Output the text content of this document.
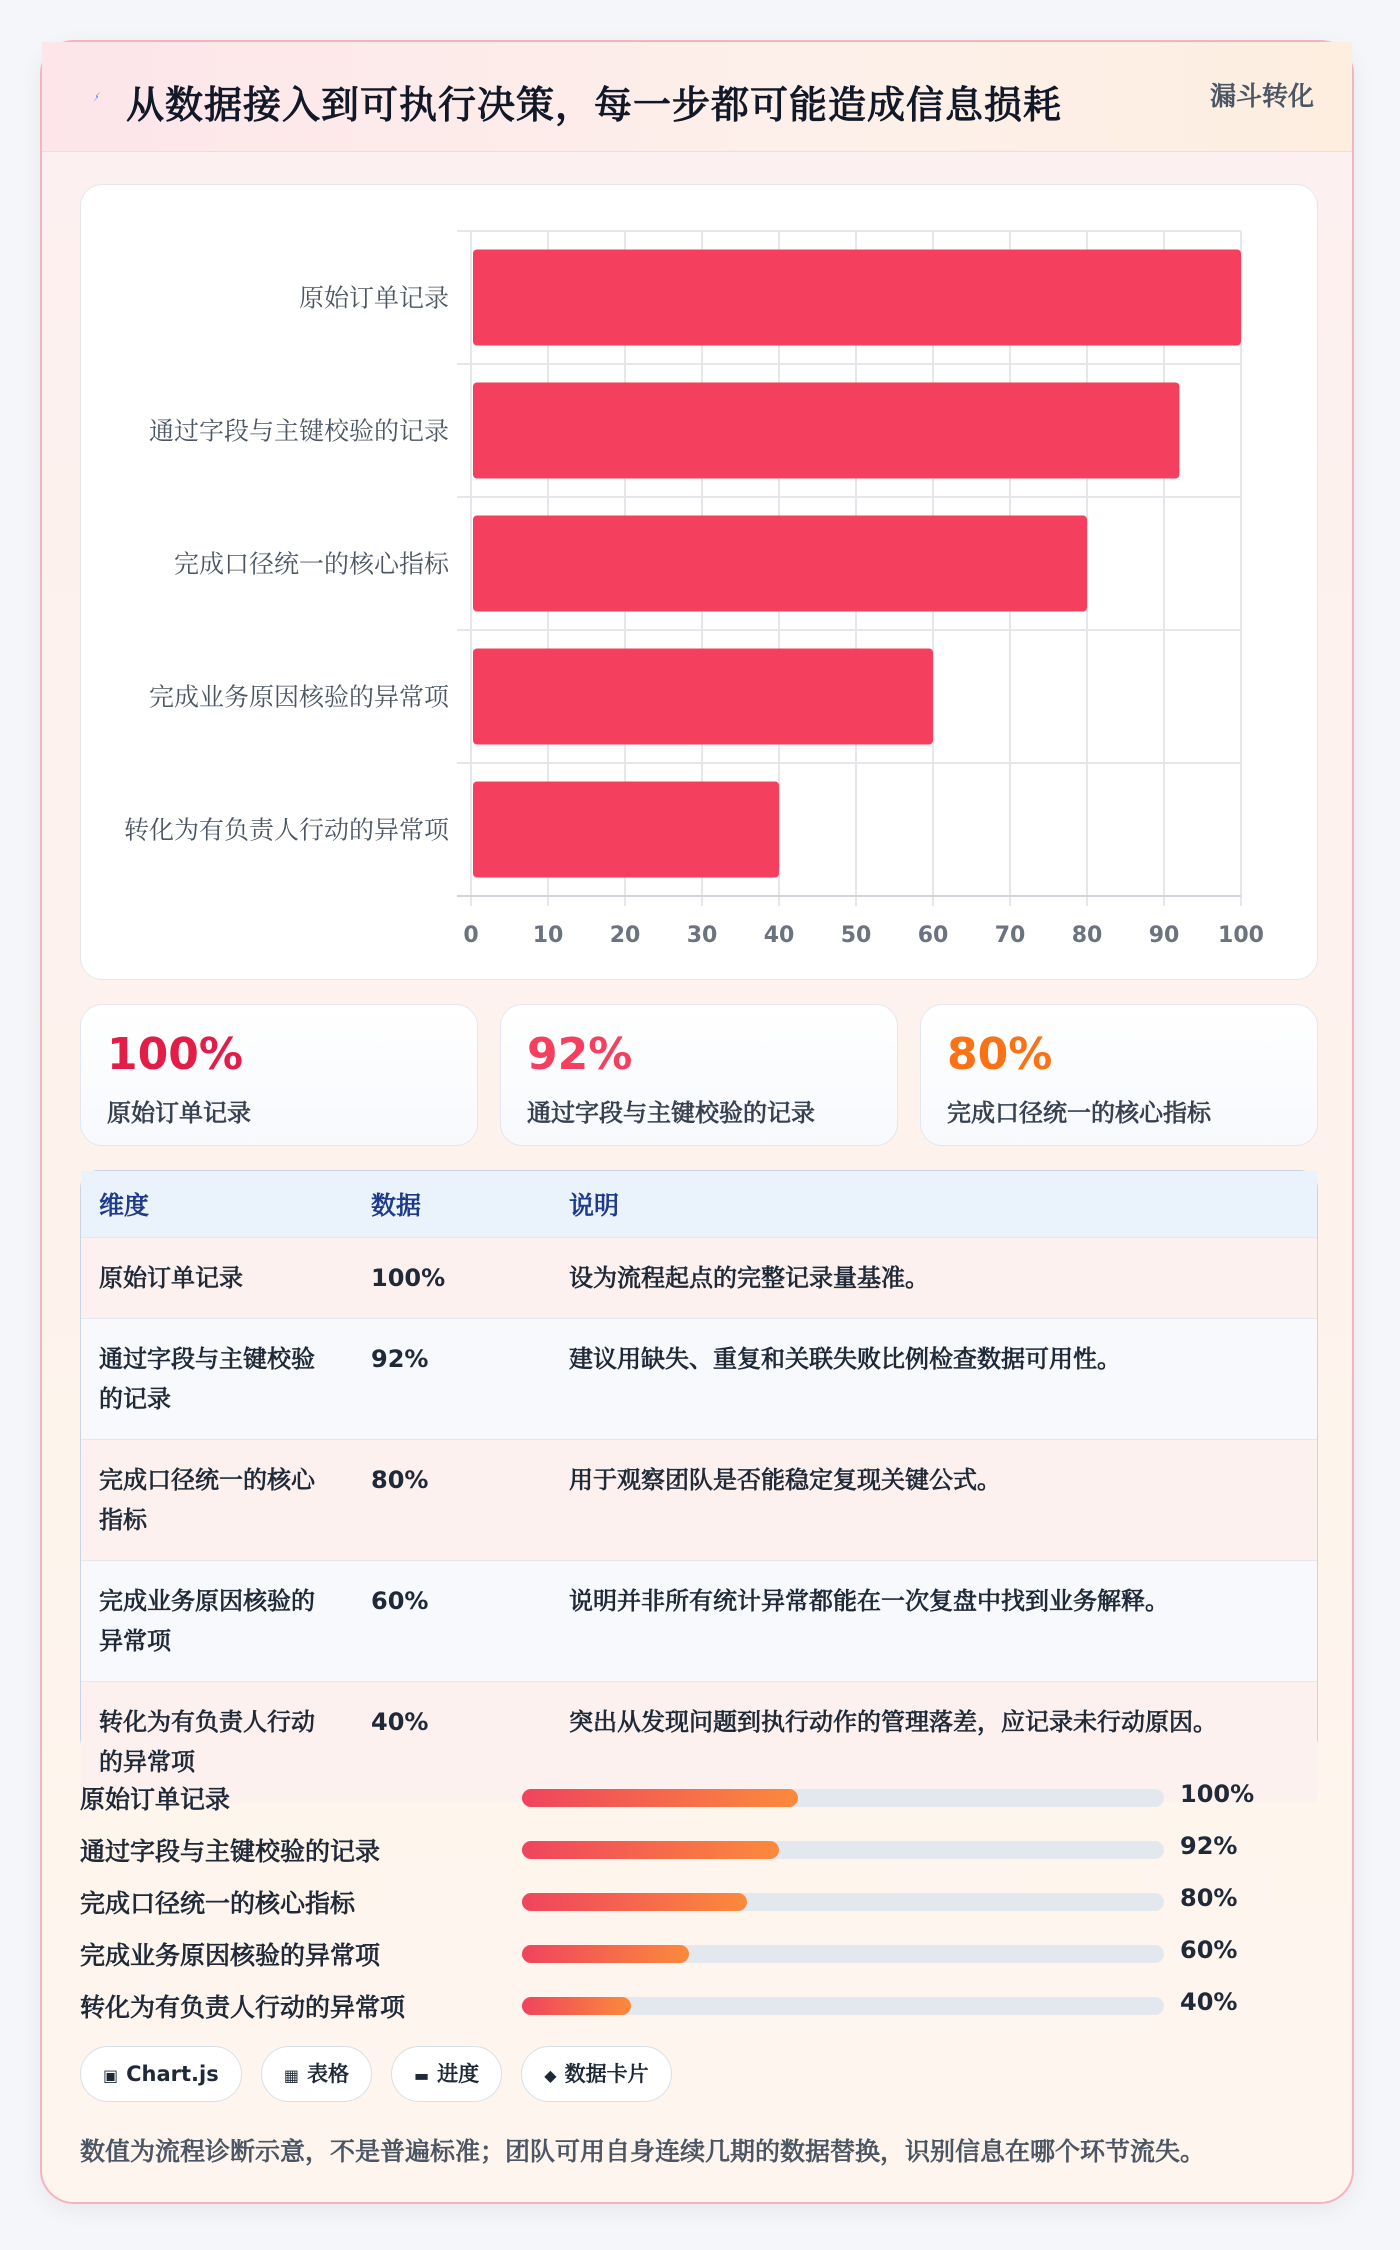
从数据接入到可执行决策，每一步都可能造成信息损耗	漏斗转化
0 10 20 30 40 50 60 70 80 90 100
原始订单记录
通过字段与主键校验的记录
完成口径统一的核心指标
完成业务原因核验的异常项
转化为有负责人行动的异常项
100%
原始订单记录
92%
通过字段与主键校验的记录
80%
完成口径统一的核心指标
维度	数据	说明
原始订单记录	100%	设为流程起点的完整记录量基准。
通过字段与主键校验的记录	92%	建议用缺失、重复和关联失败比例检查数据可用性。
完成口径统一的核心指标	80%	用于观察团队是否能稳定复现关键公式。
完成业务原因核验的异常项	60%	说明并非所有统计异常都能在一次复盘中找到业务解释。
转化为有负责人行动的异常项	40%	突出从发现问题到执行动作的管理落差，应记录未行动原因。
原始订单记录	100%
通过字段与主键校验的记录	92%
完成口径统一的核心指标	80%
完成业务原因核验的异常项	60%
转化为有负责人行动的异常项	40%
▣ Chart.js	▦ 表格	▬ 进度	◆ 数据卡片
数值为流程诊断示意，不是普遍标准；团队可用自身连续几期的数据替换，识别信息在哪个环节流失。
